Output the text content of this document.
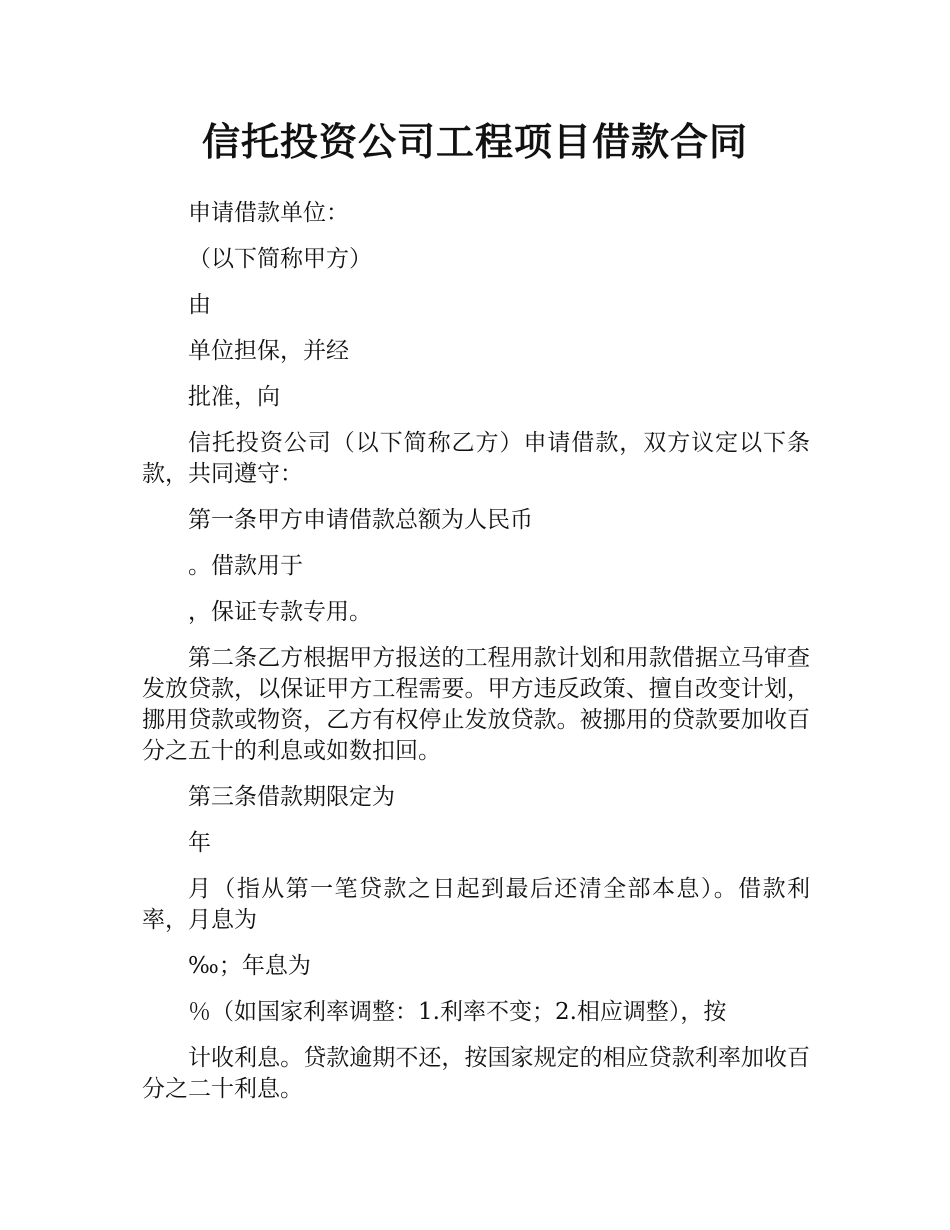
信托投资公司工程项目借款合同

申请借款单位：

（以下简称甲方）

由

单位担保，并经

批准，向

信托投资公司（以下简称乙方）申请借款，双方议定以下条款，共同遵守：

第一条甲方申请借款总额为人民币

。借款用于

，保证专款专用。

第二条乙方根据甲方报送的工程用款计划和用款借据立马审查发放贷款，以保证甲方工程需要。甲方违反政策、擅自改变计划，挪用贷款或物资，乙方有权停止发放贷款。被挪用的贷款要加收百分之五十的利息或如数扣回。

第三条借款期限定为

年

月（指从第一笔贷款之日起到最后还清全部本息）。借款利率，月息为

‰；年息为

％（如国家利率调整：1.利率不变；2.相应调整），按

计收利息。贷款逾期不还，按国家规定的相应贷款利率加收百分之二十利息。
